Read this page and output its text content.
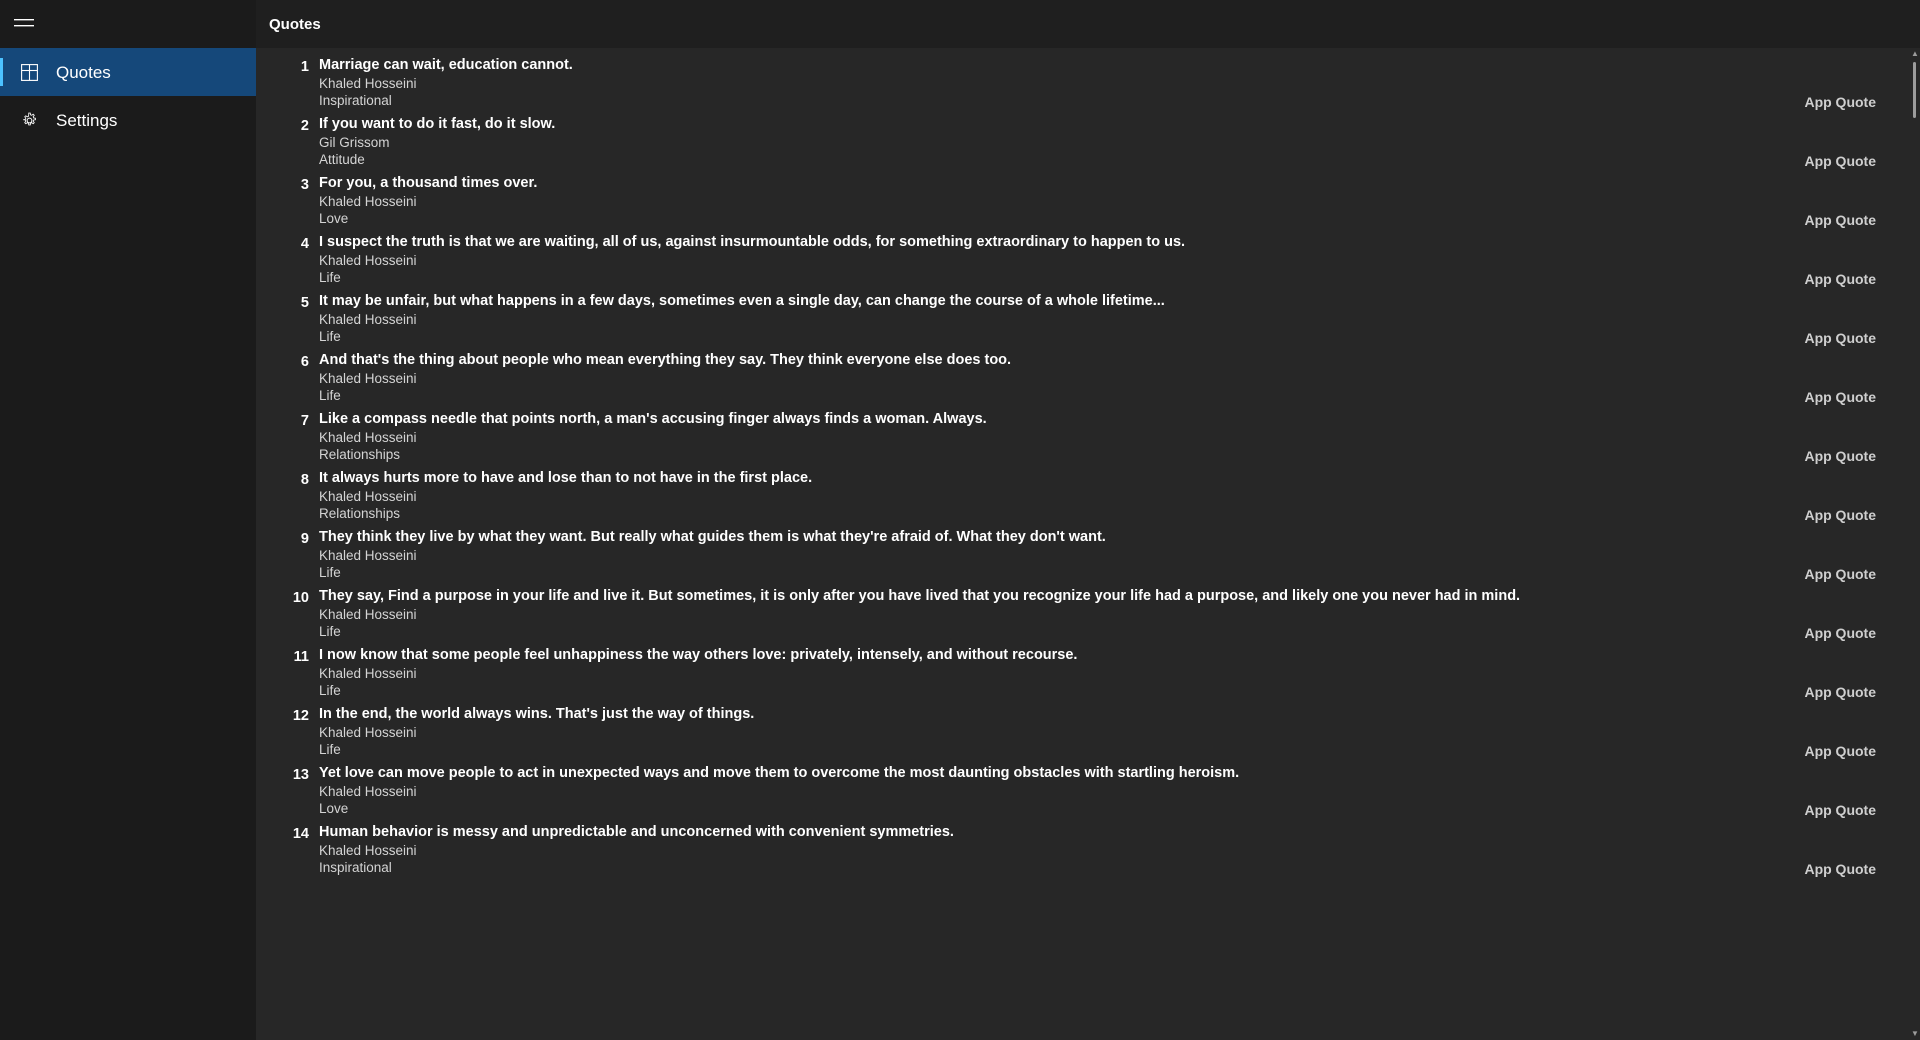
Quotes
Settings
Quotes
1 Marriage can wait, education cannot.
Khaled Hosseini
Inspirational	App Quote
2 If you want to do it fast, do it slow.
Gil Grissom
Attitude	App Quote
3 For you, a thousand times over.
Khaled Hosseini
Love	App Quote
4 I suspect the truth is that we are waiting, all of us, against insurmountable odds, for something extraordinary to happen to us.
Khaled Hosseini
Life	App Quote
5 It may be unfair, but what happens in a few days, sometimes even a single day, can change the course of a whole lifetime...
Khaled Hosseini
Life	App Quote
6 And that's the thing about people who mean everything they say. They think everyone else does too.
Khaled Hosseini
Life	App Quote
7 Like a compass needle that points north, a man's accusing finger always finds a woman. Always.
Khaled Hosseini
Relationships	App Quote
8 It always hurts more to have and lose than to not have in the first place.
Khaled Hosseini
Relationships	App Quote
9 They think they live by what they want. But really what guides them is what they're afraid of. What they don't want.
Khaled Hosseini
Life	App Quote
10 They say, Find a purpose in your life and live it. But sometimes, it is only after you have lived that you recognize your life had a purpose, and likely one you never had in mind.
Khaled Hosseini
Life	App Quote
11 I now know that some people feel unhappiness the way others love: privately, intensely, and without recourse.
Khaled Hosseini
Life	App Quote
12 In the end, the world always wins. That's just the way of things.
Khaled Hosseini
Life	App Quote
13 Yet love can move people to act in unexpected ways and move them to overcome the most daunting obstacles with startling heroism.
Khaled Hosseini
Love	App Quote
14 Human behavior is messy and unpredictable and unconcerned with convenient symmetries.
Khaled Hosseini
Inspirational	App Quote
▲
▼
